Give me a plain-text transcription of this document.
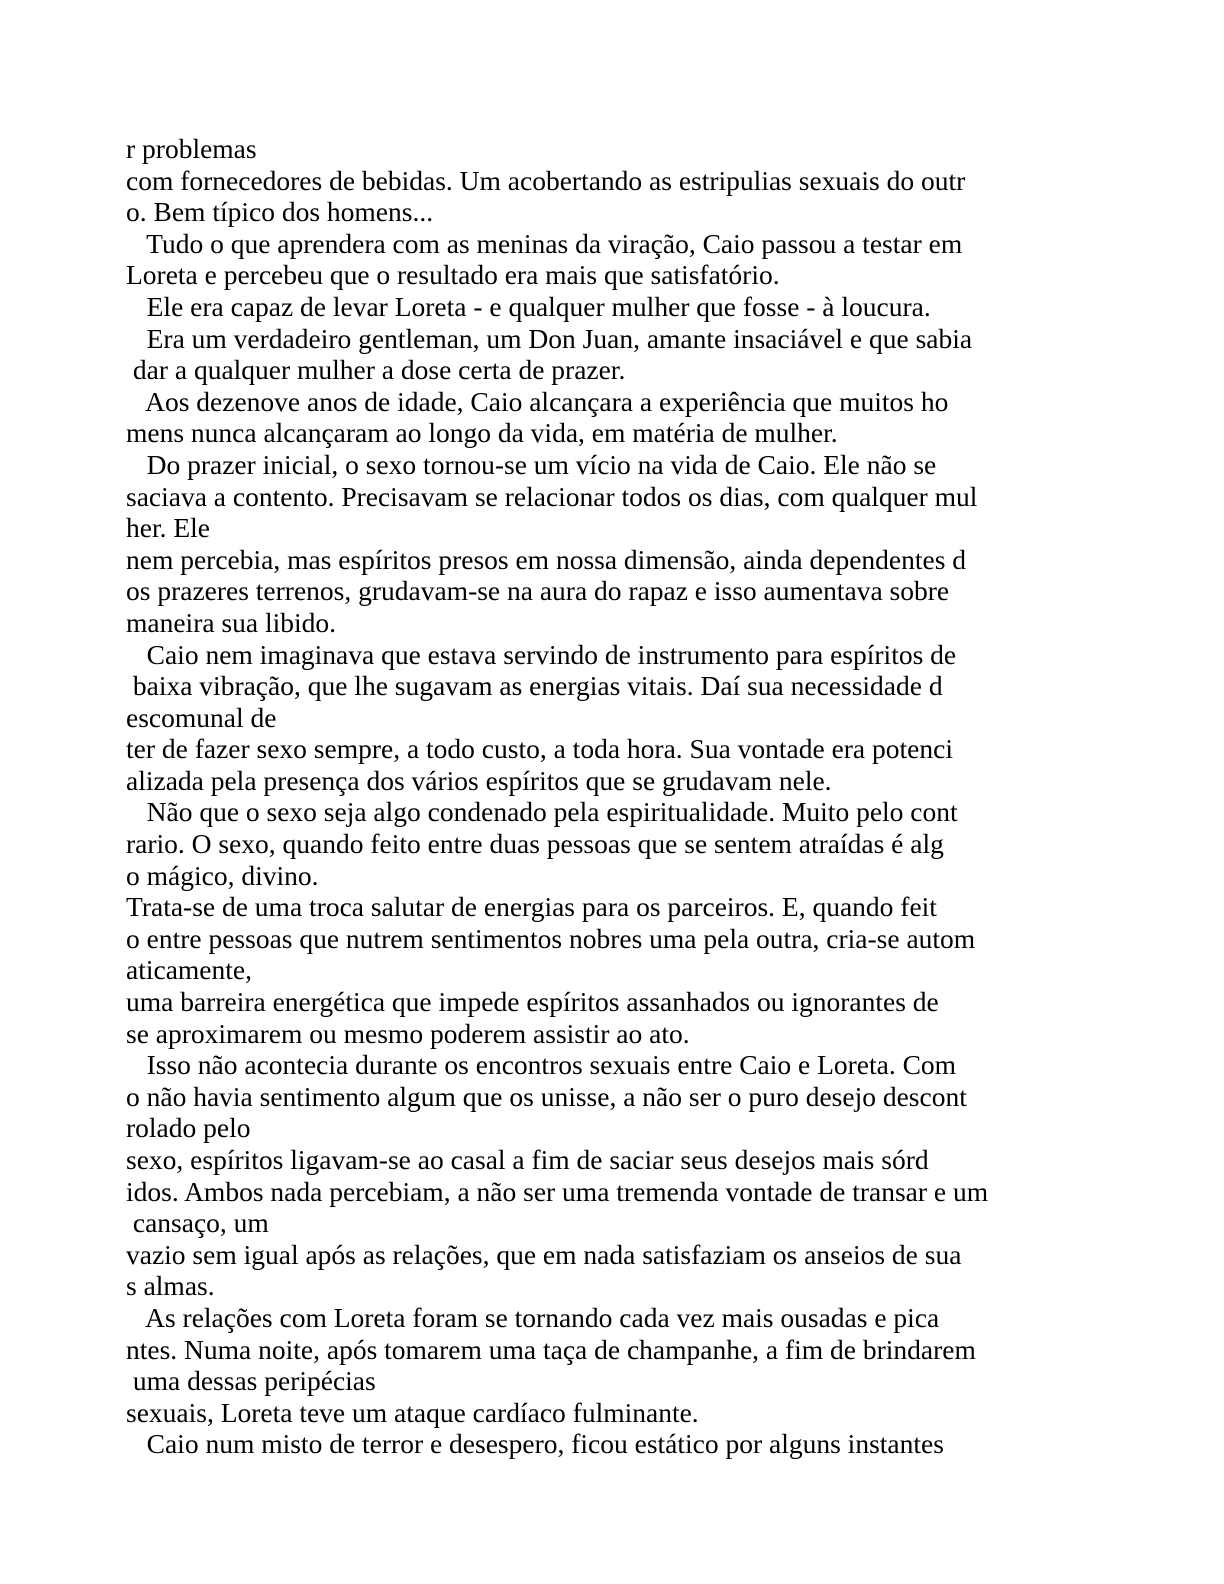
r problemas
com fornecedores de bebidas. Um acobertando as estripulias sexuais do outr
o. Bem típico dos homens...
Tudo o que aprendera com as meninas da viração, Caio passou a testar em
Loreta e percebeu que o resultado era mais que satisfatório.
Ele era capaz de levar Loreta - e qualquer mulher que fosse - à loucura.
Era um verdadeiro gentleman, um Don Juan, amante insaciável e que sabia
dar a qualquer mulher a dose certa de prazer.
Aos dezenove anos de idade, Caio alcançara a experiência que muitos ho
mens nunca alcançaram ao longo da vida, em matéria de mulher.
Do prazer inicial, o sexo tornou-se um vício na vida de Caio. Ele não se
saciava a contento. Precisavam se relacionar todos os dias, com qualquer mul
her. Ele
nem percebia, mas espíritos presos em nossa dimensão, ainda dependentes d
os prazeres terrenos, grudavam-se na aura do rapaz e isso aumentava sobre
maneira sua libido.
Caio nem imaginava que estava servindo de instrumento para espíritos de
baixa vibração, que lhe sugavam as energias vitais. Daí sua necessidade d
escomunal de
ter de fazer sexo sempre, a todo custo, a toda hora. Sua vontade era potenci
alizada pela presença dos vários espíritos que se grudavam nele.
Não que o sexo seja algo condenado pela espiritualidade. Muito pelo cont
rario. O sexo, quando feito entre duas pessoas que se sentem atraídas é alg
o mágico, divino.
Trata-se de uma troca salutar de energias para os parceiros. E, quando feit
o entre pessoas que nutrem sentimentos nobres uma pela outra, cria-se autom
aticamente,
uma barreira energética que impede espíritos assanhados ou ignorantes de
se aproximarem ou mesmo poderem assistir ao ato.
Isso não acontecia durante os encontros sexuais entre Caio e Loreta. Com
o não havia sentimento algum que os unisse, a não ser o puro desejo descont
rolado pelo
sexo, espíritos ligavam-se ao casal a fim de saciar seus desejos mais sórd
idos. Ambos nada percebiam, a não ser uma tremenda vontade de transar e um
cansaço, um
vazio sem igual após as relações, que em nada satisfaziam os anseios de sua
s almas.
As relações com Loreta foram se tornando cada vez mais ousadas e pica
ntes. Numa noite, após tomarem uma taça de champanhe, a fim de brindarem
uma dessas peripécias
sexuais, Loreta teve um ataque cardíaco fulminante.
Caio num misto de terror e desespero, ficou estático por alguns instantes
